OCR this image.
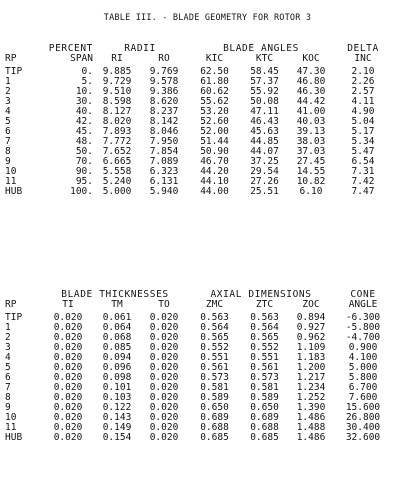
TABLE III. - BLADE GEOMETRY FOR ROTOR 3
	PERCENT	RADII		BLADE ANGLES			DELTA
RP	SPAN	RI	RO	KIC	KTC	KOC	INC

TIP	0.	9.885	9.769	62.50	58.45	47.30	2.10
1	5.	9.729	9.578	61.80	57.37	46.80	2.26
2	10.	9.510	9.386	60.62	55.92	46.30	2.57
3	30.	8.598	8.620	55.62	50.08	44.42	4.11
4	40.	8.127	8.237	53.20	47.11	41.00	4.90
5	42.	8.020	8.142	52.60	46.43	40.03	5.04
6	45.	7.893	8.046	52.00	45.63	39.13	5.17
7	48.	7.772	7.950	51.44	44.85	38.03	5.34
8	50.	7.652	7.854	50.90	44.07	37.03	5.47
9	70.	6.665	7.089	46.70	37.25	27.45	6.54
10	90.	5.558	6.323	44.20	29.54	14.55	7.31
11	95.	5.240	6.131	44.10	27.26	10.82	7.42
HUB	100.	5.000	5.940	44.00	25.51	6.10	7.47
	BLADE THICKNESSES			AXIAL DIMENSIONS			CONE
RP	TI	TM	TO	ZMC	ZTC	ZOC	ANGLE

TIP	0.020	0.061	0.020	0.563	0.563	0.894	-6.300
1	0.020	0.064	0.020	0.564	0.564	0.927	-5.800
2	0.020	0.068	0.020	0.565	0.565	0.962	-4.700
3	0.020	0.085	0.020	0.552	0.552	1.109	0.900
4	0.020	0.094	0.020	0.551	0.551	1.183	4.100
5	0.020	0.096	0.020	0.561	0.561	1.200	5.000
6	0.020	0.098	0.020	0.573	0.573	1.217	5.800
7	0.020	0.101	0.020	0.581	0.581	1.234	6.700
8	0.020	0.103	0.020	0.589	0.589	1.252	7.600
9	0.020	0.122	0.020	0.650	0.650	1.390	15.600
10	0.020	0.143	0.020	0.689	0.689	1.486	26.800
11	0.020	0.149	0.020	0.688	0.688	1.488	30.400
HUB	0.020	0.154	0.020	0.685	0.685	1.486	32.600
